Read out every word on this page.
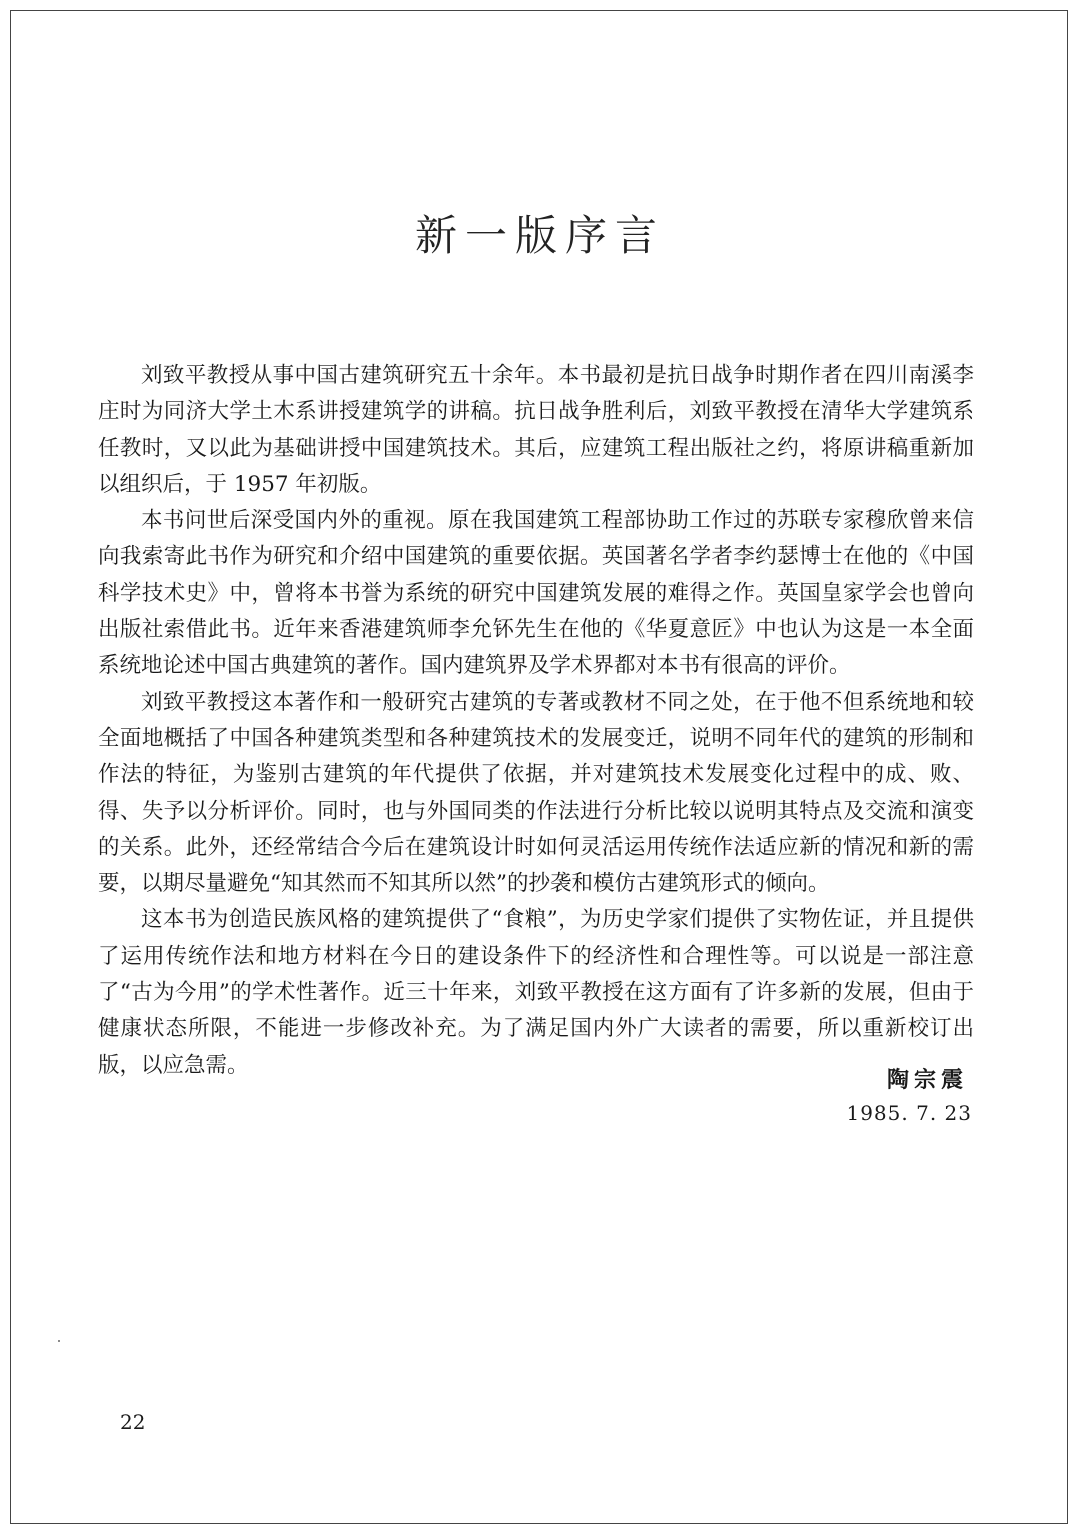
新一版序言

刘致平教授从事中国古建筑研究五十余年。本书最初是抗日战争时期作者在四川南溪李庄时为同济大学土木系讲授建筑学的讲稿。抗日战争胜利后，刘致平教授在清华大学建筑系任教时，又以此为基础讲授中国建筑技术。其后，应建筑工程出版社之约，将原讲稿重新加以组织后，于 1957 年初版。

本书问世后深受国内外的重视。原在我国建筑工程部协助工作过的苏联专家穆欣曾来信向我索寄此书作为研究和介绍中国建筑的重要依据。英国著名学者李约瑟博士在他的《中国科学技术史》中，曾将本书誉为系统的研究中国建筑发展的难得之作。英国皇家学会也曾向出版社索借此书。近年来香港建筑师李允钚先生在他的《华夏意匠》中也认为这是一本全面系统地论述中国古典建筑的著作。国内建筑界及学术界都对本书有很高的评价。

刘致平教授这本著作和一般研究古建筑的专著或教材不同之处，在于他不但系统地和较全面地概括了中国各种建筑类型和各种建筑技术的发展变迁，说明不同年代的建筑的形制和作法的特征，为鉴别古建筑的年代提供了依据，并对建筑技术发展变化过程中的成、败、得、失予以分析评价。同时，也与外国同类的作法进行分析比较以说明其特点及交流和演变的关系。此外，还经常结合今后在建筑设计时如何灵活运用传统作法适应新的情况和新的需要，以期尽量避免“知其然而不知其所以然”的抄袭和模仿古建筑形式的倾向。

这本书为创造民族风格的建筑提供了“食粮”，为历史学家们提供了实物佐证，并且提供了运用传统作法和地方材料在今日的建设条件下的经济性和合理性等。可以说是一部注意了“古为今用”的学术性著作。近三十年来，刘致平教授在这方面有了许多新的发展，但由于健康状态所限，不能进一步修改补充。为了满足国内外广大读者的需要，所以重新校订出版，以应急需。

陶宗震

1985. 7. 23

22
